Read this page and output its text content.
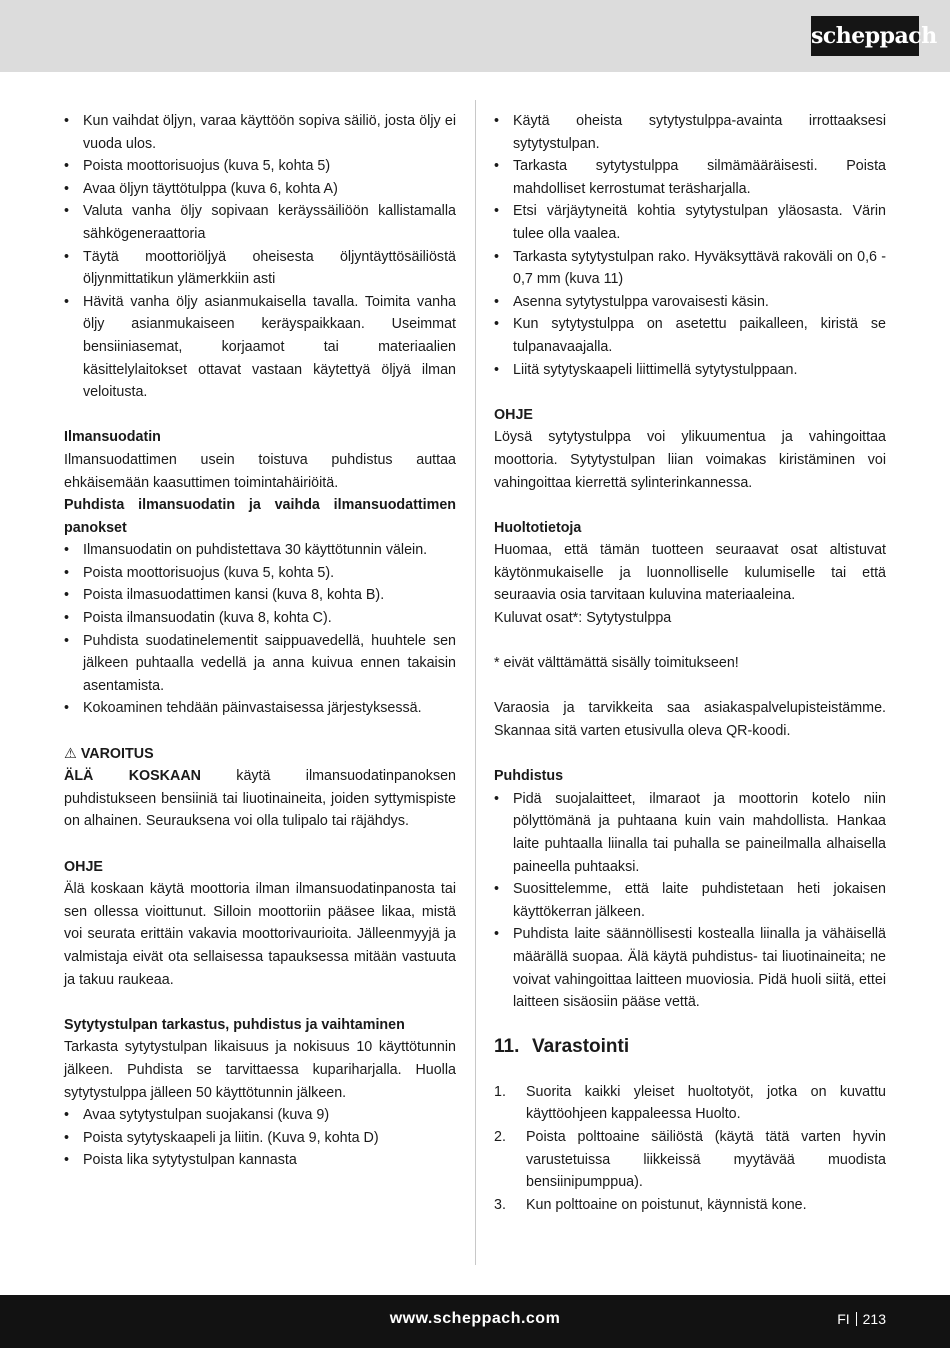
scheppach
• Kun vaihdat öljyn, varaa käyttöön sopiva säiliö, josta öljy ei vuoda ulos.
• Poista moottorisuojus (kuva 5, kohta 5)
• Avaa öljyn täyttötulppa (kuva 6, kohta A)
• Valuta vanha öljy sopivaan keräyssäiliöön kallistamalla sähkögeneraattoria
• Täytä moottoriöljyä oheisesta öljyntäyttösäiliöstä öljynmittatikun ylämerkkiin asti
• Hävitä vanha öljy asianmukaisella tavalla. Toimita vanha öljy asianmukaiseen keräyspaikkaan. Useimmat bensiiniasemat, korjaamot tai materiaalien käsittelylaitokset ottavat vastaan käytettyä öljyä ilman veloitusta.

Ilmansuodatin

Ilmansuodattimen usein toistuva puhdistus auttaa ehkäisemään kaasuttimen toimintahäiriöitä.

Puhdista ilmansuodatin ja vaihda ilmansuodattimen panokset

• Ilmansuodatin on puhdistettava 30 käyttötunnin välein.
• Poista moottorisuojus (kuva 5, kohta 5).
• Poista ilmasuodattimen kansi (kuva 8, kohta B).
• Poista ilmansuodatin (kuva 8, kohta C).
• Puhdista suodatinelementit saippuavedellä, huuhtele sen jälkeen puhtaalla vedellä ja anna kuivua ennen takaisin asentamista.
• Kokoaminen tehdään päinvastaisessa järjestyksessä.

⚠ VAROITUS

ÄLÄ KOSKAAN käytä ilmansuodatinpanoksen puhdistukseen bensiiniä tai liuotinaineita, joiden syttymispiste on alhainen. Seurauksena voi olla tulipalo tai räjähdys.

OHJE

Älä koskaan käytä moottoria ilman ilmansuodatinpanosta tai sen ollessa vioittunut. Silloin moottoriin pääsee likaa, mistä voi seurata erittäin vakavia moottorivaurioita. Jälleenmyyjä ja valmistaja eivät ota sellaisessa tapauksessa mitään vastuuta ja takuu raukeaa.

Sytytystulpan tarkastus, puhdistus ja vaihtaminen

Tarkasta sytytystulpan likaisuus ja nokisuus 10 käyttötunnin jälkeen. Puhdista se tarvittaessa kupariharjalla. Huolla sytytystulppa jälleen 50 käyttötunnin jälkeen.

• Avaa sytytystulpan suojakansi (kuva 9)
• Poista sytytyskaapeli ja liitin. (Kuva 9, kohta D)
• Poista lika sytytystulpan kannasta
• Käytä oheista sytytystulppa-avainta irrottaaksesi sytytystulpan.
• Tarkasta sytytystulppa silmämääräisesti. Poista mahdolliset kerrostumat teräsharjalla.
• Etsi värjäytyneitä kohtia sytytystulpan yläosasta. Värin tulee olla vaalea.
• Tarkasta sytytystulpan rako. Hyväksyttävä rakoväli on 0,6 - 0,7 mm (kuva 11)
• Asenna sytytystulppa varovaisesti käsin.
• Kun sytytystulppa on asetettu paikalleen, kiristä se tulpanavaajalla.
• Liitä sytytyskaapeli liittimellä sytytystulppaan.

OHJE

Löysä sytytystulppa voi ylikuumentua ja vahingoittaa moottoria. Sytytystulpan liian voimakas kiristäminen voi vahingoittaa kierrettä sylinterinkannessa.

Huoltotietoja

Huomaa, että tämän tuotteen seuraavat osat altistuvat käytönmukaiselle ja luonnolliselle kulumiselle tai että seuraavia osia tarvitaan kuluvina materiaaleina.

Kuluvat osat*: Sytytystulppa

* eivät välttämättä sisälly toimitukseen!

Varaosia ja tarvikkeita saa asiakaspalvelupisteistämme. Skannaa sitä varten etusivulla oleva QR-koodi.

Puhdistus

• Pidä suojalaitteet, ilmaraot ja moottorin kotelo niin pölyttömänä ja puhtaana kuin vain mahdollista. Hankaa laite puhtaalla liinalla tai puhalla se paineilmalla alhaisella paineella puhtaaksi.
• Suosittelemme, että laite puhdistetaan heti jokaisen käyttökerran jälkeen.
• Puhdista laite säännöllisesti kostealla liinalla ja vähäisellä määrällä suopaa. Älä käytä puhdistus- tai liuotinaineita; ne voivat vahingoittaa laitteen muoviosia. Pidä huoli siitä, ettei laitteen sisäosiin pääse vettä.

11. Varastointi

1. Suorita kaikki yleiset huoltotyöt, jotka on kuvattu käyttöohjeen kappaleessa Huolto.
2. Poista polttoaine säiliöstä (käytä tätä varten hyvin varustetuissa liikkeissä myytävää muodista bensiinipumppua).
3. Kun polttoaine on poistunut, käynnistä kone.
www.scheppach.com	FI 213
